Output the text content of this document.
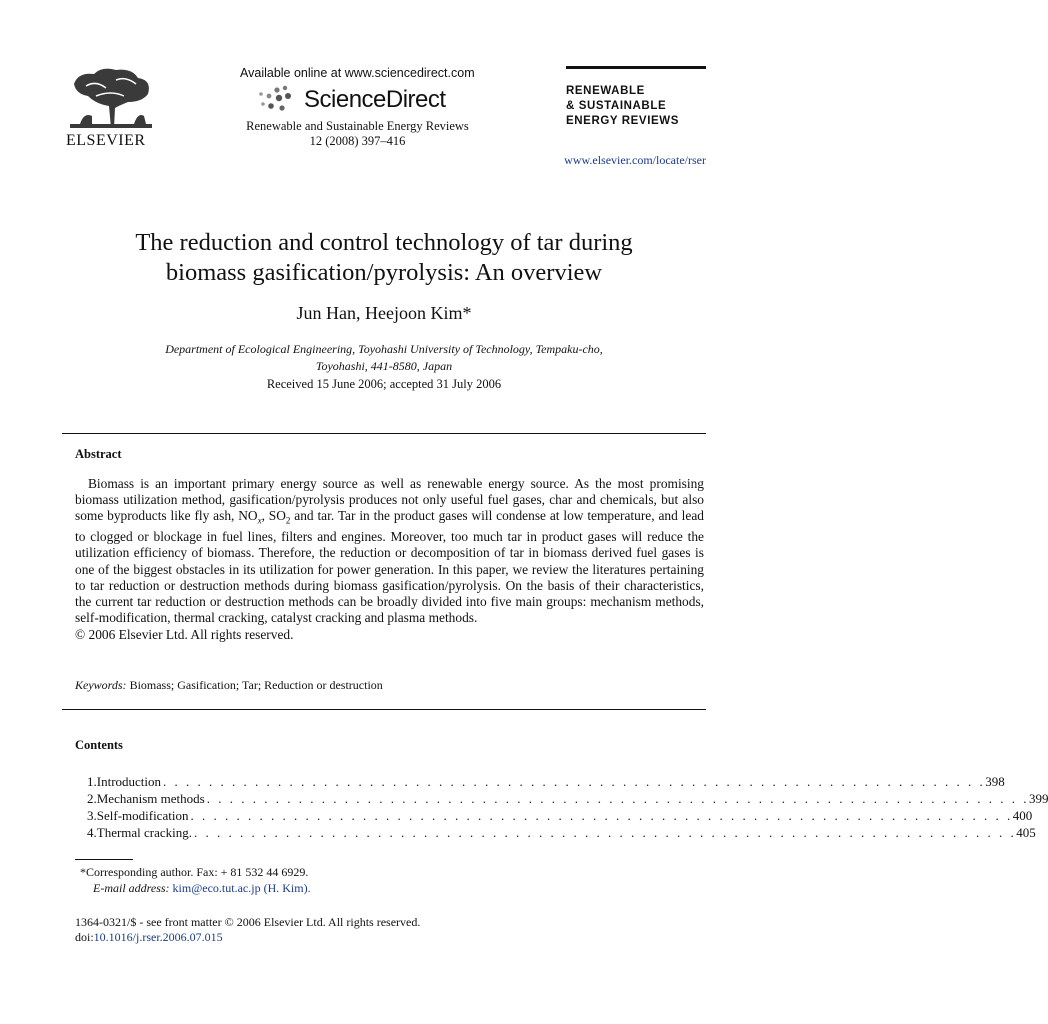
ELSEVIER
Available online at www.sciencedirect.com
ScienceDirect
Renewable and Sustainable Energy Reviews
12 (2008) 397–416
RENEWABLE
& SUSTAINABLE
ENERGY REVIEWS
www.elsevier.com/locate/rser
The reduction and control technology of tar during
biomass gasification/pyrolysis: An overview
Jun Han, Heejoon Kim*
Department of Ecological Engineering, Toyohashi University of Technology, Tempaku-cho,
Toyohashi, 441-8580, Japan
Received 15 June 2006; accepted 31 July 2006
Abstract
Biomass is an important primary energy source as well as renewable energy source. As the most promising biomass utilization method, gasification/pyrolysis produces not only useful fuel gases, char and chemicals, but also some byproducts like fly ash, $NO_x$, $SO_2$ and tar. Tar in the product gases will condense at low temperature, and lead to clogged or blockage in fuel lines, filters and engines. Moreover, too much tar in product gases will reduce the utilization efficiency of biomass. Therefore, the reduction or decomposition of tar in biomass derived fuel gases is one of the biggest obstacles in its utilization for power generation. In this paper, we review the literatures pertaining to tar reduction or destruction methods during biomass gasification/pyrolysis. On the basis of their characteristics, the current tar reduction or destruction methods can be broadly divided into five main groups: mechanism methods, self-modification, thermal cracking, catalyst cracking and plasma methods.
© 2006 Elsevier Ltd. All rights reserved.
Keywords: Biomass; Gasification; Tar; Reduction or destruction
Contents
1. Introduction . . . . . . . . . . . . . . . . . . . . . . . . . . . . . . . . . . . . . . . . . . . . . . . . . . . . . . . . . . . . . . . . . . . . . . . . 398
2. Mechanism methods . . . . . . . . . . . . . . . . . . . . . . . . . . . . . . . . . . . . . . . . . . . . . . . . . . . . . . . . . . . . . . . . . . . . . . . . 399
3. Self-modification . . . . . . . . . . . . . . . . . . . . . . . . . . . . . . . . . . . . . . . . . . . . . . . . . . . . . . . . . . . . . . . . . . . . . . . . 400
4. Thermal cracking. . . . . . . . . . . . . . . . . . . . . . . . . . . . . . . . . . . . . . . . . . . . . . . . . . . . . . . . . . . . . . . . . . . . . . . . . 405
*Corresponding author. Fax: + 81 532 44 6929.
E-mail address: kim@eco.tut.ac.jp (H. Kim).
1364-0321/$ - see front matter © 2006 Elsevier Ltd. All rights reserved.
doi:10.1016/j.rser.2006.07.015
